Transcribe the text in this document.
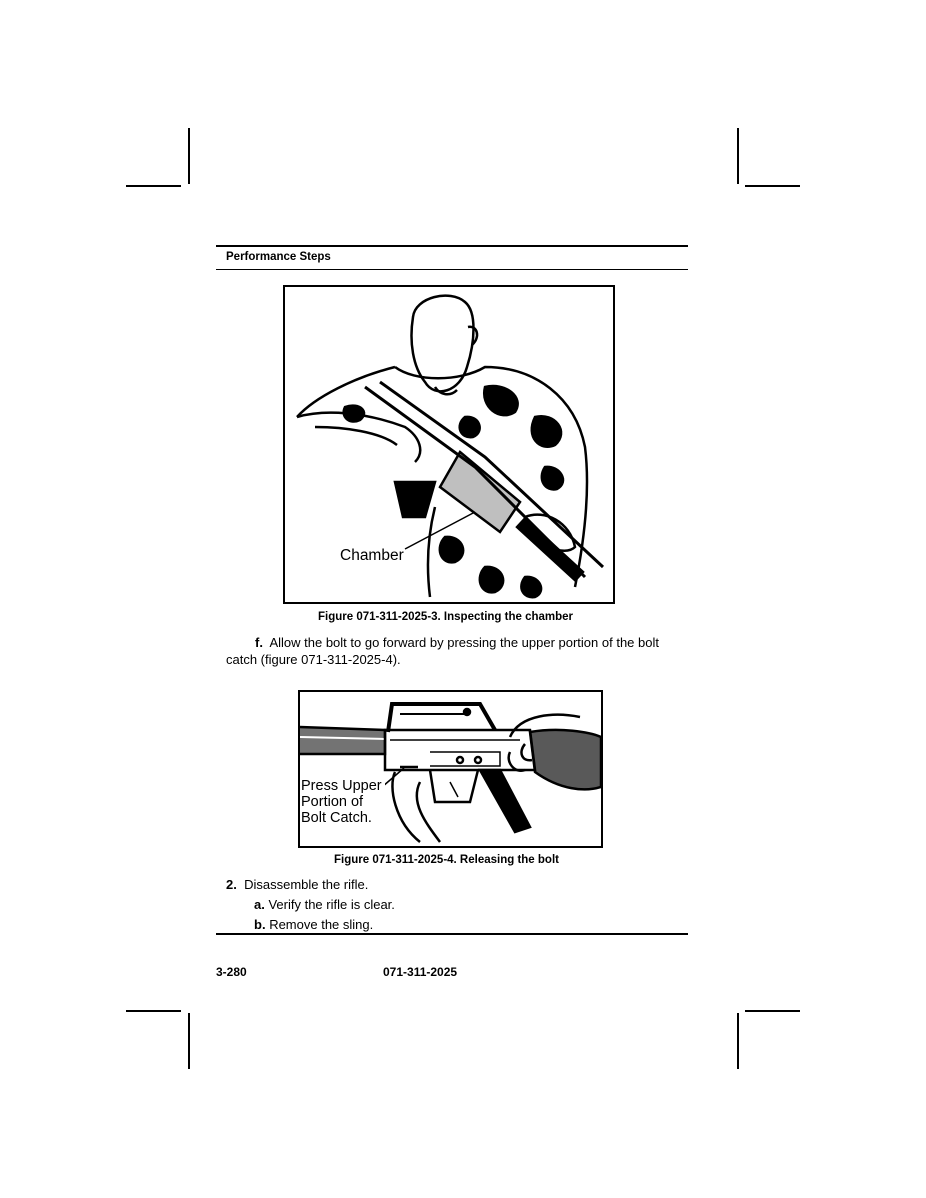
Performance Steps
Chamber
Figure 071-311-2025-3. Inspecting the chamber
f. Allow the bolt to go forward by pressing the upper portion of the bolt catch (figure 071-311-2025-4).
Press Upper
Portion of
Bolt Catch.
Figure 071-311-2025-4. Releasing the bolt
2. Disassemble the rifle.
a. Verify the rifle is clear.
b. Remove the sling.
3-280	071-311-2025
